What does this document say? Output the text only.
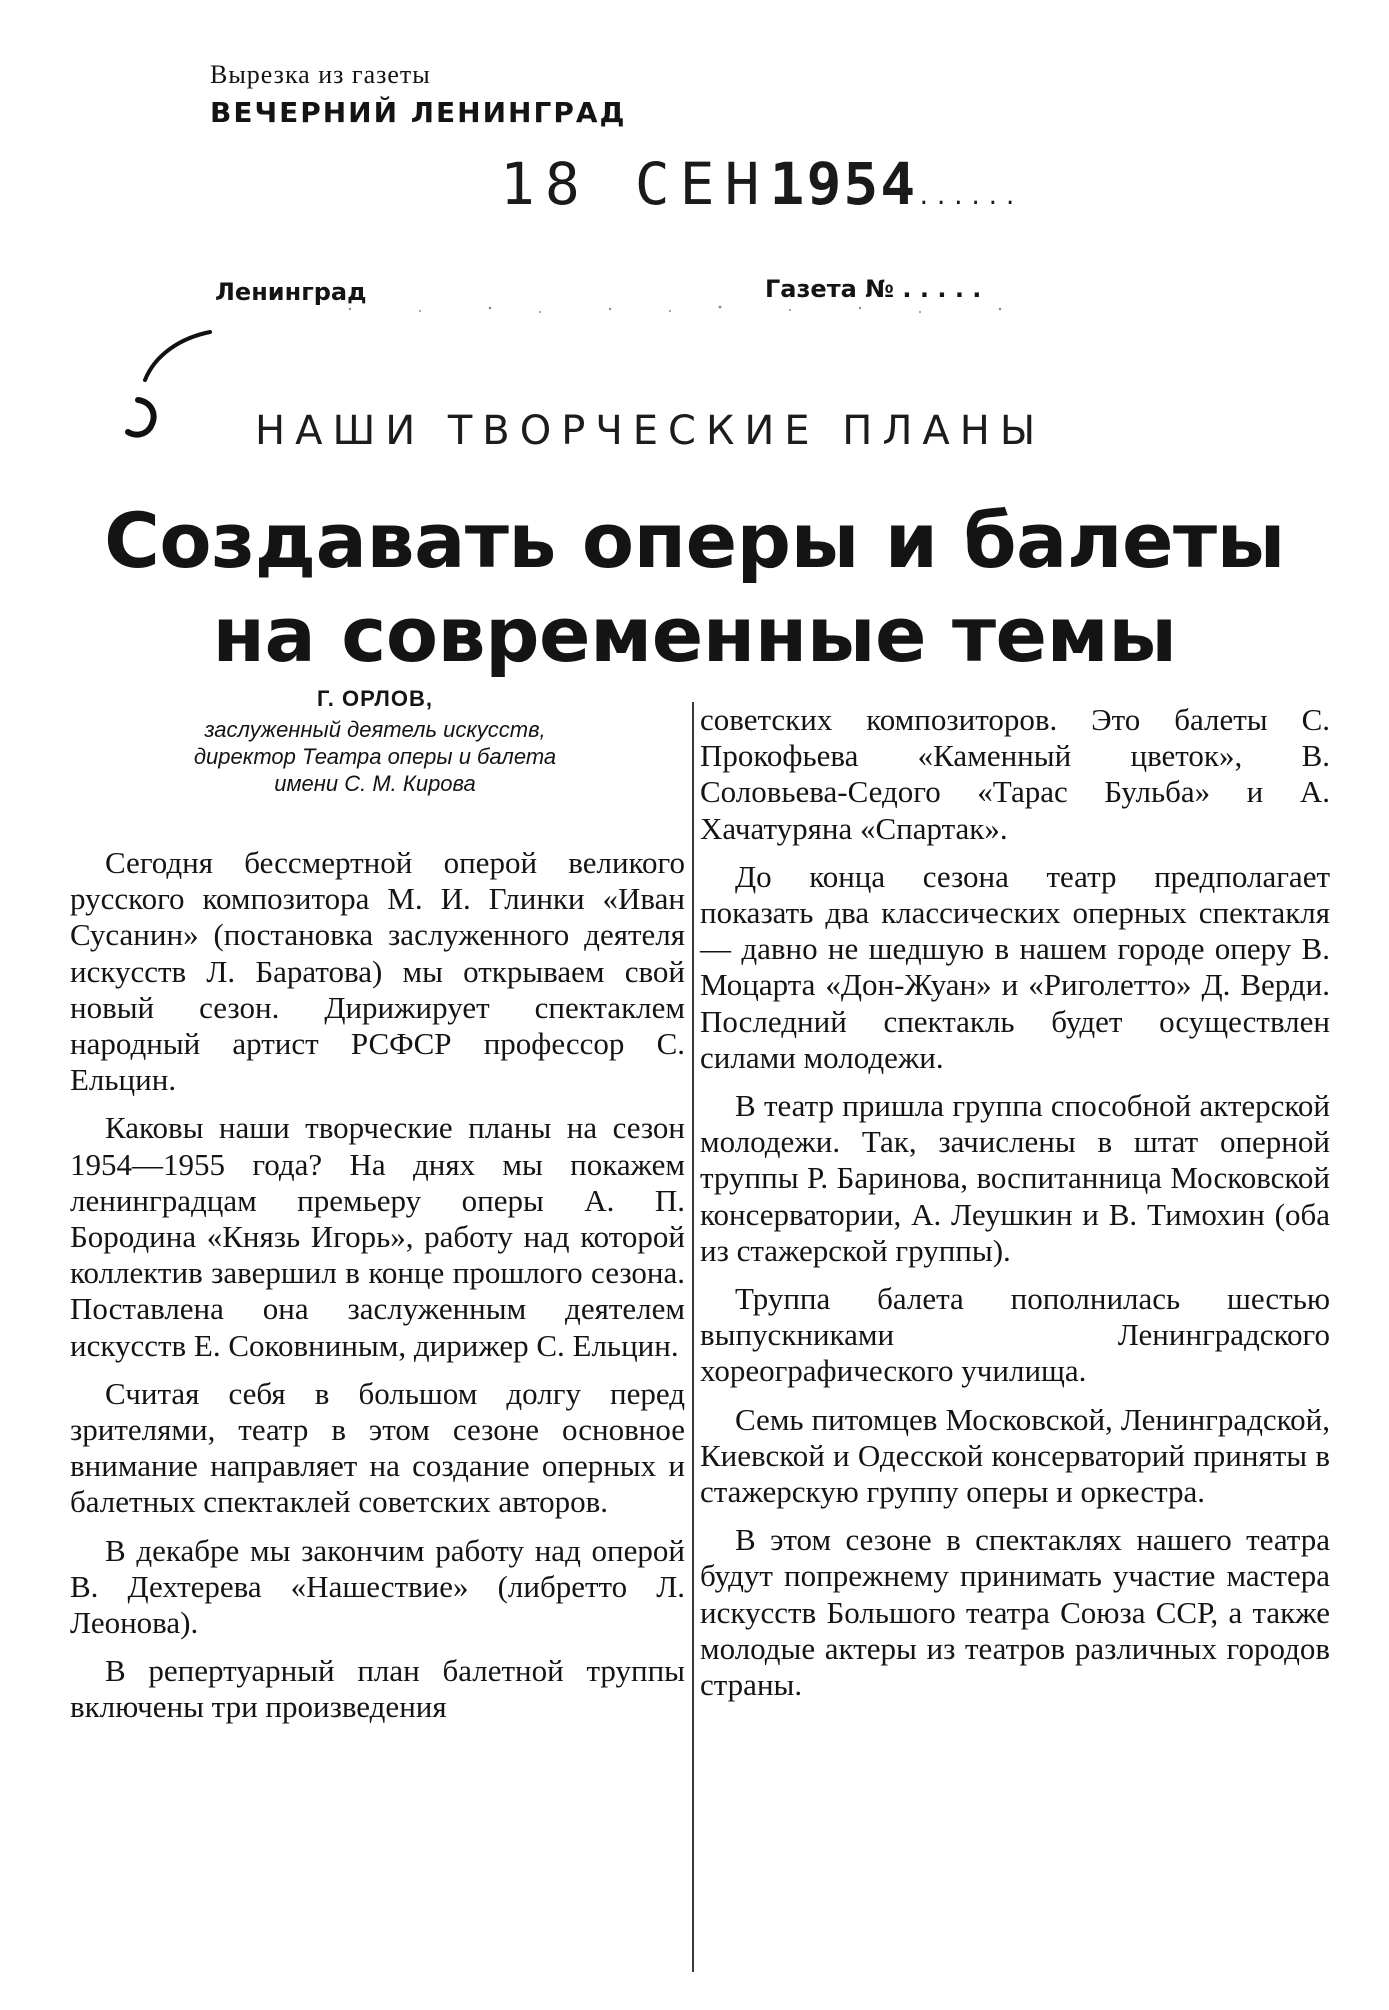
Вырезка из газеты
ВЕЧЕРНИЙ ЛЕНИНГРАД
18 СЕН1954......
Ленинград	Газета № . . . . .
НАШИ ТВОРЧЕСКИЕ ПЛАНЫ
Создавать оперы и балеты
на современные темы
Г. ОРЛОВ,
заслуженный деятель искусств,
директор Театра оперы и балета
имени С. М. Кирова

Сегодня бессмертной оперой великого русского композитора М. И. Глинки «Иван Сусанин» (постановка заслуженного деятеля искусств Л. Баратова) мы открываем свой новый сезон. Дирижирует спектаклем народный артист РСФСР профессор С. Ельцин.

Каковы наши творческие планы на сезон 1954—1955 года? На днях мы покажем ленинградцам премьеру оперы А. П. Бородина «Князь Игорь», работу над которой коллектив завершил в конце прошлого сезона. Поставлена она заслуженным деятелем искусств Е. Соковниным, дирижер С. Ельцин.

Считая себя в большом долгу перед зрителями, театр в этом сезоне основное внимание направляет на создание оперных и балетных спектаклей советских авторов.

В декабре мы закончим работу над оперой В. Дехтерева «Нашествие» (либретто Л. Леонова).

В репертуарный план балетной труппы включены три произведения

советских композиторов. Это балеты С. Прокофьева «Каменный цветок», В. Соловьева-Седого «Тарас Бульба» и А. Хачатуряна «Спартак».

До конца сезона театр предполагает показать два классических оперных спектакля — давно не шедшую в нашем городе оперу В. Моцарта «Дон-Жуан» и «Риголетто» Д. Верди. Последний спектакль будет осуществлен силами молодежи.

В театр пришла группа способной актерской молодежи. Так, зачислены в штат оперной труппы Р. Баринова, воспитанница Московской консерватории, А. Леушкин и В. Тимохин (оба из стажерской группы).

Труппа балета пополнилась шестью выпускниками Ленинградского хореографического училища.

Семь питомцев Московской, Ленинградской, Киевской и Одесской консерваторий приняты в стажерскую группу оперы и оркестра.

В этом сезоне в спектаклях нашего театра будут попрежнему принимать участие мастера искусств Большого театра Союза ССР, а также молодые актеры из театров различных городов страны.
